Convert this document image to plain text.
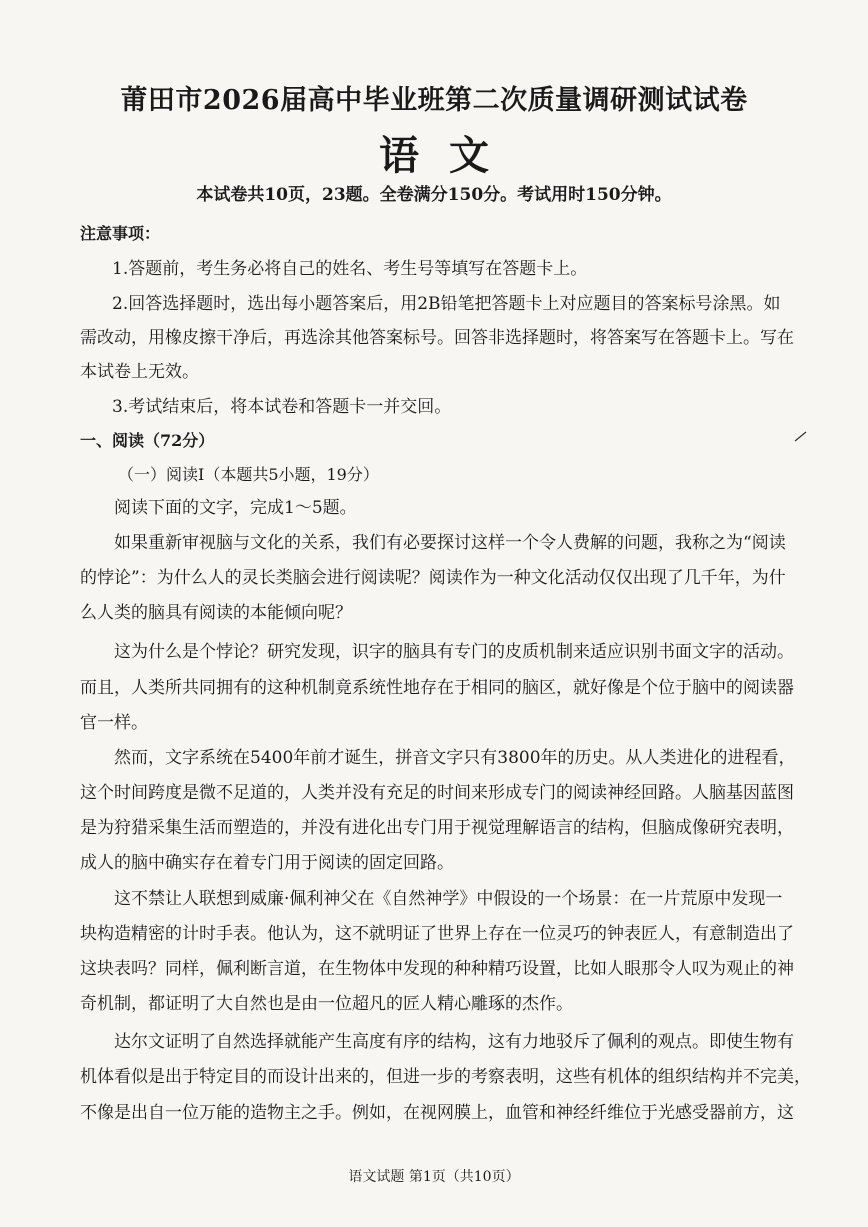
莆田市2026届高中毕业班第二次质量调研测试试卷
语文
本试卷共10页，23题。全卷满分150分。考试用时150分钟。
注意事项：
1.答题前，考生务必将自己的姓名、考生号等填写在答题卡上。
2.回答选择题时，选出每小题答案后，用2B铅笔把答题卡上对应题目的答案标号涂黑。如
需改动，用橡皮擦干净后，再选涂其他答案标号。回答非选择题时，将答案写在答题卡上。写在
本试卷上无效。
3.考试结束后，将本试卷和答题卡一并交回。
一、阅读（72分）
（一）阅读Ⅰ（本题共5小题，19分）
阅读下面的文字，完成1～5题。
如果重新审视脑与文化的关系，我们有必要探讨这样一个令人费解的问题，我称之为“阅读
的悖论”：为什么人的灵长类脑会进行阅读呢？阅读作为一种文化活动仅仅出现了几千年，为什
么人类的脑具有阅读的本能倾向呢？
这为什么是个悖论？研究发现，识字的脑具有专门的皮质机制来适应识别书面文字的活动。
而且，人类所共同拥有的这种机制竟系统性地存在于相同的脑区，就好像是个位于脑中的阅读器
官一样。
然而，文字系统在5400年前才诞生，拼音文字只有3800年的历史。从人类进化的进程看，
这个时间跨度是微不足道的，人类并没有充足的时间来形成专门的阅读神经回路。人脑基因蓝图
是为狩猎采集生活而塑造的，并没有进化出专门用于视觉理解语言的结构，但脑成像研究表明，
成人的脑中确实存在着专门用于阅读的固定回路。
这不禁让人联想到威廉·佩利神父在《自然神学》中假设的一个场景：在一片荒原中发现一
块构造精密的计时手表。他认为，这不就明证了世界上存在一位灵巧的钟表匠人，有意制造出了
这块表吗？同样，佩利断言道，在生物体中发现的种种精巧设置，比如人眼那令人叹为观止的神
奇机制，都证明了大自然也是由一位超凡的匠人精心雕琢的杰作。
达尔文证明了自然选择就能产生高度有序的结构，这有力地驳斥了佩利的观点。即使生物有
机体看似是出于特定目的而设计出来的，但进一步的考察表明，这些有机体的组织结构并不完美，
不像是出自一位万能的造物主之手。例如，在视网膜上，血管和神经纤维位于光感受器前方，这
语文试题 第1页（共10页）
